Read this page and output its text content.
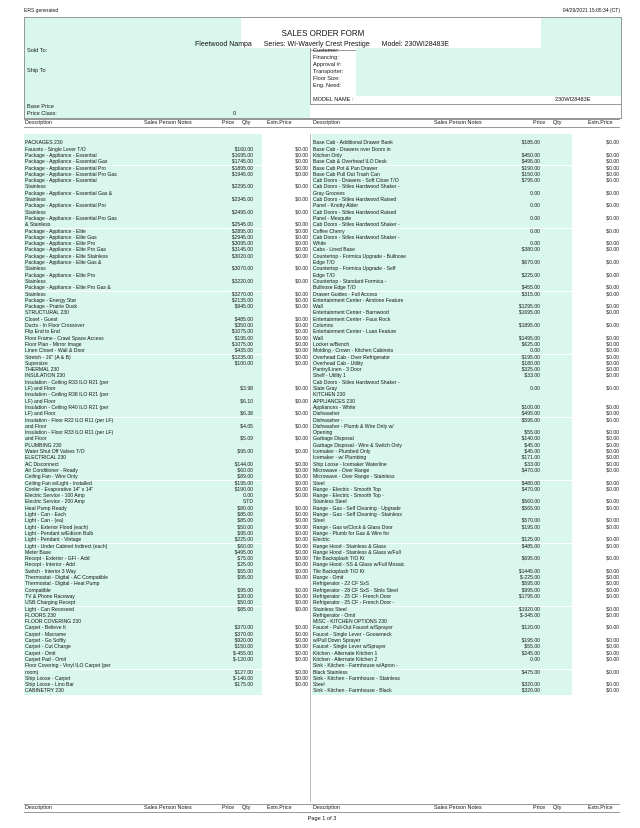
ERS generated	04/29/2021 15:05:34 (CT)
SALES ORDER FORM
Fleetwood Nampa Series: WI-Waverly Crest Prestige Model: 230WI28483E
Sold To:
Ship To
Customer:
Financing:
Approval #:
Transporter:
Floor Size:
Eng. Need:
MODEL NAME :	230WI28483E
Base Price
Price Class:	0
Description	Sales Person Notes	Price Qty	Extn.Price	Description	Sales Person Notes	Price Qty	Extn.Price
PACKAGES 230
Faucets - Single Lever T/O	$160.00	$0.00
Package - Appliance - Essential	$1695.00	$0.00
Package - Appliance - Essential Gas	$1745.00	$0.00
Package - Appliance - Essential Pro	$1895.00	$0.00
Package - Appliance - Essential Pro Gas	$1945.00	$0.00
Package - Appliance - Essential
Stainless	$2295.00	$0.00
Package - Appliance - Essential Gas &
Stainless	$2345.00	$0.00
Package - Appliance - Essential Pro
Stainless	$2495.00	$0.00
Package - Appliance - Essential Pro Gas
& Stainless	$2545.00	$0.00
Package - Appliance - Elite	$2895.00	$0.00
Package - Appliance - Elite Gas	$2945.00	$0.00
Package - Appliance - Elite Pro	$3095.00	$0.00
Package - Appliance - Elite Pro Gas	$3145.00	$0.00
Package - Appliance - Elite Stainless	$3020.00	$0.00
Package - Appliance - Elite Gas &
Stainless	$3070.00	$0.00
Package - Appliance - Elite Pro
Stainless	$3220.00	$0.00
Package - Appliance - Elite Pro Gas &
Stainless	$3270.00	$0.00
Package - Energy Star	$2135.00	$0.00
Package - Prairie Dusk	$945.00	$0.00
STRUCTURAL 230
Closet - Guest	$485.00	$0.00
Ducts - In Floor Crossover	$350.00	$0.00
Flip End to End	$1075.00	$0.00
Floor Frame - Crawl Space Access	$195.00	$0.00
Floor Plan - Mirror Image	$1075.00	$0.00
Linen Closet - Wall & Door	$435.00	$0.00
Stretch - 16" (A & B)	$1235.00	$0.00
Supersize	$100.00	$0.00
THERMAL 230
INSULATION 230
Insulation - Ceiling R33 ILO R21 (per
LF) and Floor	$3.98	$0.00
Insulation - Ceiling R38 ILO R21 (per
LF) and Floor	$6.10	$0.00
Insulation - Ceiling R40 ILO R21 (per
LF) and Floor	$6.38	$0.00
Insulation - Floor R22 ILO R11 (per LF)
and Floor	$4.05	$0.00
Insulation - Floor R33 ILO R11 (per LF)
and Floor	$5.09	$0.00
PLUMBING 230
Water Shut Off Valves T/O	$95.00	$0.00
ELECTRICAL 230
AC Disconnect	$144.00	$0.00
Air Conditioner - Ready	$60.00	$0.00
Ceiling Fan - Wire Only	$89.00	$0.00
Ceiling Fan w/Light - Installed	$195.00	$0.00
Cooler - Evaporative 14" x 14"	$190.00	$0.00
Electric Service - 100 Amp	0.00	$0.00
Electric Service - 200 Amp	STD
Heat Pump Ready	$80.00	$0.00
Light - Can - Each	$85.00	$0.00
Light - Can - (ea)	$85.00	$0.00
Light - Exterior Flood (each)	$50.00	$0.00
Light - Pendant w/Edison Bulb	$95.00	$0.00
Light - Pendant - Vintage	$225.00	$0.00
Light - Under Cabinet Indirect (each)	$60.00	$0.00
Meter Base	$495.00	$0.00
Recept - Exterior - GFI - Add	$75.00	$0.00
Recept - Interior - Add	$25.00	$0.00
Switch - Interior 3 Way	$55.00	$0.00
Thermostat - Digital - AC Compatible	$95.00	$0.00
Thermostat - Digital - Heat Pump
Compatible	$95.00	$0.00
TV & Phone Raceway	$30.00	$0.00
USB Charging Recept	$50.00	$0.00
Light - Can Recessed	$85.00	$0.00
FLOORS 230
FLOOR COVERING 230
Carpet - Believe It	$370.00	$0.00
Carpet - Macrame	$370.00	$0.00
Carpet - Go Softly	$920.00	$0.00
Carpet - Cut Charge	$150.00	$0.00
Carpet - Omit	$-455.00	$0.00
Carpet Pad - Omit	$-120.00	$0.00
Floor Covering - Vinyl ILO Carpet (per
room)	$127.00	$0.00
Ship Loose - Carpet	$-140.00	$0.00
Ship Loose - Lino Bar	$175.00	$0.00
CABINETRY 230
Base Cab - Additional Drawer Bank	$185.00	$0.00
Base Cab - Drawers over Doors in
Kitchen Only	$450.00	$0.00
Base Cab & Overhead ILO Desk	$495.00	$0.00
Base Cab Pot & Pan Drawer	$190.00	$0.00
Base Cab Pull Out Trash Can	$150.00	$0.00
Cab Doors - Drawers - Soft Close T/O	$795.00	$0.00
Cab Doors - Stiles Hardwood Shaker -
Gray Grooves	0.00	$0.00
Cab Doors - Stiles Hardwood Raised
Panel - Knotty Alder	0.00	$0.00
Cab Doors - Stiles Hardwood Raised
Panel - Mesquite	0.00	$0.00
Cab Doors - Stiles Hardwood Shaker -
Coffee Cherry	0.00	$0.00
Cab Doors - Stiles Hardwood Shaker -
White	0.00	$0.00
Cabs - Lined Base	$380.00	$0.00
Countertop - Formica Upgrade - Bullnose
Edge T/O	$670.00	$0.00
Countertop - Formica Upgrade - Self
Edge T/O	$225.00	$0.00
Countertop - Standard Formica -
Bullnose Edge T/O	$455.00	$0.00
Drawer Guides - Full Access	$315.00	$0.00
Entertainment Center - Airstone Feature
Wall	$1295.00	$0.00
Entertainment Center - Barnwood	$1695.00	$0.00
Entertainment Center - Faux Rock
Columns	$1895.00	$0.00
Entertainment Center - Luan Feature
Wall	$1495.00	$0.00
Locker w/Bench	$625.00	$0.00
Molding - Crown - Kitchen Cabinets	0.00	$0.00
Overhead Cab - Over Refrigerator	$195.00	$0.00
Overhead Cab - Utility	$180.00	$0.00
Pantry/Linen - 3 Door	$325.00	$0.00
Shelf - Utility 1	$33.00	$0.00
Cab Doors - Stiles Hardwood Shaker -
Slate Gray	0.00	$0.00
KITCHEN 230
APPLIANCES 230
Appliances - White	$100.00	$0.00
Dishwasher	$495.00	$0.00
Dishwasher -	$595.00	$0.00
Dishwasher - Plumb & Wire Only w/
Opening	$55.00	$0.00
Garbage Disposal	$140.00	$0.00
Garbage Disposal - Wire & Switch Only	$45.00	$0.00
Icemaker - Plumbed Only	$45.00	$0.00
Icemaker - w/ Plumbing	$171.00	$0.00
Ship Loose - Icemaker Waterline	$33.00	$0.00
Microwave - Over Range	$470.00	$0.00
Microwave - Over Range - Stainless
Steel	$480.00	$0.00
Range - Electric - Smooth Top	$470.00	$0.00
Range - Electric - Smooth Top -
Stainless Steel	$560.00	$0.00
Range - Gas - Self Cleaning - Upgrade	$565.00	$0.00
Range - Gas - Self Cleaning - Stainless
Steel	$570.00	$0.00
Range - Gas w/Clock & Glass Door	$195.00	$0.00
Range - Plumb for Gas & Wire for
Electric	$125.00	$0.00
Range Hood - Stainless & Glass	$485.00	$0.00
Range Hood - Stainless & Glass w/Full
Tile Backsplash T/O Kt	$695.00	$0.00
Range Hood - SS & Glass w/Full Mosaic
Tile Backsplash T/O Kt	$1445.00	$0.00
Range - Omit	$-225.00	$0.00
Refrigerator - 22 CF SxS	$595.00	$0.00
Refrigerator - 28 CF SxS - Stnls Steel	$995.00	$0.00
Refrigerator - 25 CF - French Door	$1795.00	$0.00
Refrigerator - 25 CF - French Door -
Stainless Steel	$1920.00	$0.00
Refrigerator - Omit	$-345.00	$0.00
MISC - KITCHEN OPTIONS 230
Faucet - Pull-Out Faucet w/Sprayer	$120.00	$0.00
Faucet - Single Lever - Gooseneck
w/Pull Down Sprayer	$195.00	$0.00
Faucet - Single Lever w/Sprayer	$55.00	$0.00
Kitchen - Alternate Kitchen 1	$245.00	$0.00
Kitchen - Alternate Kitchen 2	0.00	$0.00
Sink - Kitchen - Farmhouse w/Apron -
Black Stainless	$475.00	$0.00
Sink - Kitchen - Farmhouse - Stainless
Steel	$320.00	$0.00
Sink - Kitchen - Farmhouse - Black	$320.00	$0.00
Description	Sales Person Notes	Price Qty	Extn.Price	Description	Sales Person Notes	Price Qty	Extn.Price
Page 1 of 3
